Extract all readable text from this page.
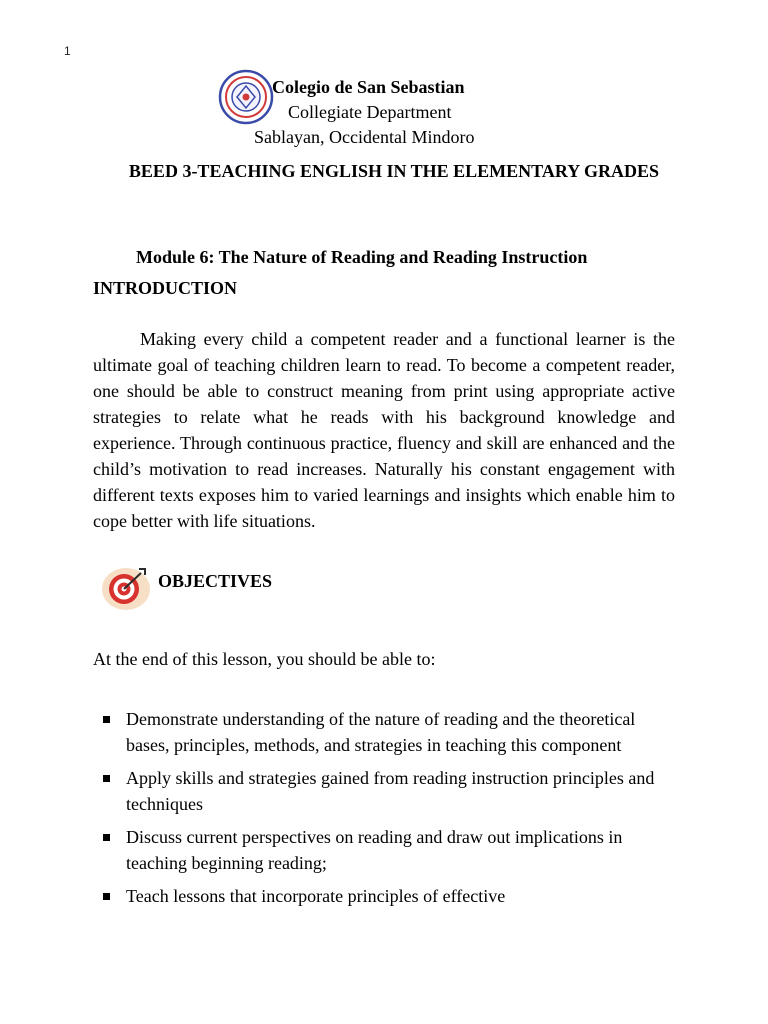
1
Colegio de San Sebastian
Collegiate Department
Sablayan, Occidental Mindoro
BEED 3-TEACHING ENGLISH IN THE ELEMENTARY GRADES
Module 6: The Nature of Reading and Reading Instruction
INTRODUCTION

Making every child a competent reader and a functional learner is the ultimate goal of teaching children learn to read. To become a competent reader, one should be able to construct meaning from print using appropriate active strategies to relate what he reads with his background knowledge and experience. Through continuous practice, fluency and skill are enhanced and the child’s motivation to read increases. Naturally his constant engagement with different texts exposes him to varied learnings and insights which enable him to cope better with life situations.

OBJECTIVES
At the end of this lesson, you should be able to:
Demonstrate understanding of the nature of reading and the theoretical bases, principles, methods, and strategies in teaching this component
Apply skills and strategies gained from reading instruction principles and techniques
Discuss current perspectives on reading and draw out implications in teaching beginning reading;
Teach lessons that incorporate principles of effective
